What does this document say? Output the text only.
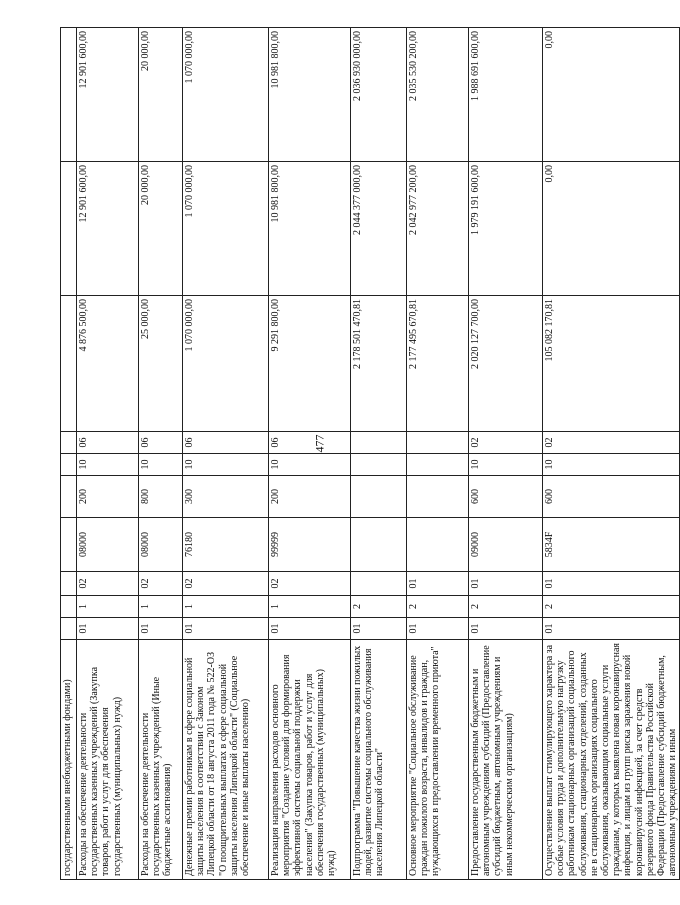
477
государственными внебюджетными фондами)										
Расходы на обеспечение деятельности государственных казенных учреждений (Закупка товаров, работ и услуг для обеспечения государственных (муниципальных) нужд)	01	1	02	08000	200	10	06	4 876 500,00	12 901 600,00	12 901 600,00
Расходы на обеспечение деятельности государственных казенных учреждений (Иные бюджетные ассигнования)	01	1	02	08000	800	10	06	25 000,00	20 000,00	20 000,00
Денежные премии работникам в сфере социальной защиты населения в соответствии с Законом Липецкой области от 18 августа 2011 года № 522-ОЗ "О поощрительных выплатах в сфере социальной защиты населения Липецкой области" (Социальное обеспечение и иные выплаты населению)	01	1	02	76180	300	10	06	1 070 000,00	1 070 000,00	1 070 000,00
Реализация направления расходов основного мероприятия "Создание условий для формирования эффективной системы социальной поддержки населения" (Закупка товаров, работ и услуг для обеспечения государственных (муниципальных) нужд)	01	1	02	99999	200	10	06	9 291 800,00	10 981 800,00	10 981 800,00
Подпрограмма "Повышение качества жизни пожилых людей, развитие системы социального обслуживания населения Липецкой области"	01	2						2 178 501 470,81	2 044 377 000,00	2 036 930 000,00
Основное мероприятие "Социальное обслуживание граждан пожилого возраста, инвалидов и граждан, нуждающихся в предоставлении временного приюта"	01	2	01					2 177 495 670,81	2 042 977 200,00	2 035 530 200,00
Предоставление государственным бюджетным и автономным учреждениям субсидий (Предоставление субсидий бюджетным, автономным учреждениям и иным некоммерческим организациям)	01	2	01	09000	600	10	02	2 020 127 700,00	1 979 191 600,00	1 988 691 600,00
Осуществление выплат стимулирующего характера за особые условия труда и дополнительную нагрузку работникам стационарных организаций социального обслуживания, стационарных отделений, созданных не в стационарных организациях социального обслуживания, оказывающим социальные услуги гражданам, у которых выявлена новая коронавирусная инфекция, и лицам из групп риска заражения новой коронавирусной инфекцией, за счет средств резервного фонда Правительства Российской Федерации (Предоставление субсидий бюджетным, автономным учреждениям и иным	01	2	01	5834F	600	10	02	105 082 170,81	0,00	0,00
